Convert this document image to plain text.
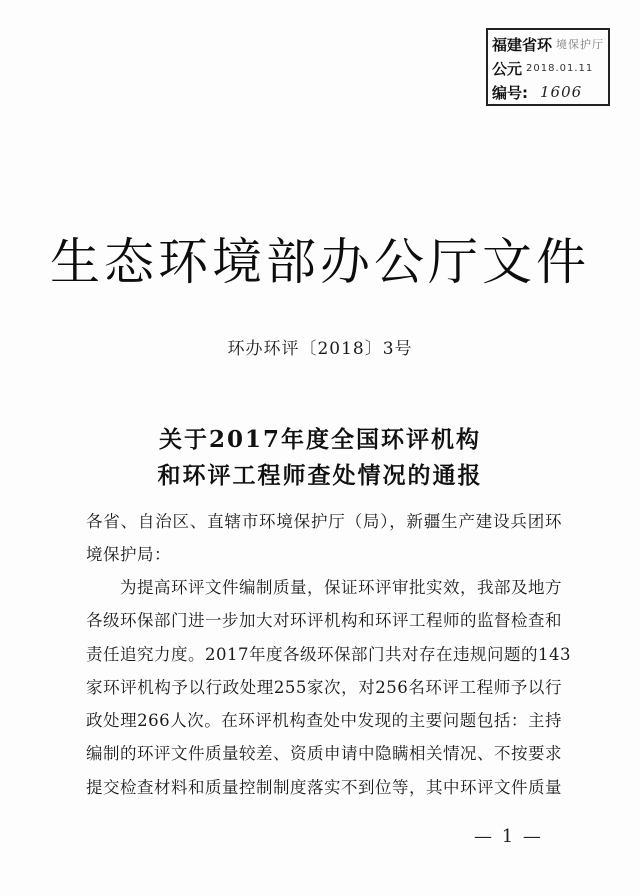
福建省环 境保护厅
公元 2018.01.11
编号: 1606
生态环境部办公厅文件
环办环评〔2018〕3号
关于2017年度全国环评机构
和环评工程师查处情况的通报
各省、自治区、直辖市环境保护厅（局），新疆生产建设兵团环
境保护局：
为提高环评文件编制质量，保证环评审批实效，我部及地方
各级环保部门进一步加大对环评机构和环评工程师的监督检查和
责任追究力度。2017年度各级环保部门共对存在违规问题的143
家环评机构予以行政处理255家次，对256名环评工程师予以行
政处理266人次。在环评机构查处中发现的主要问题包括：主持
编制的环评文件质量较差、资质申请中隐瞒相关情况、不按要求
提交检查材料和质量控制制度落实不到位等，其中环评文件质量
— 1 —
